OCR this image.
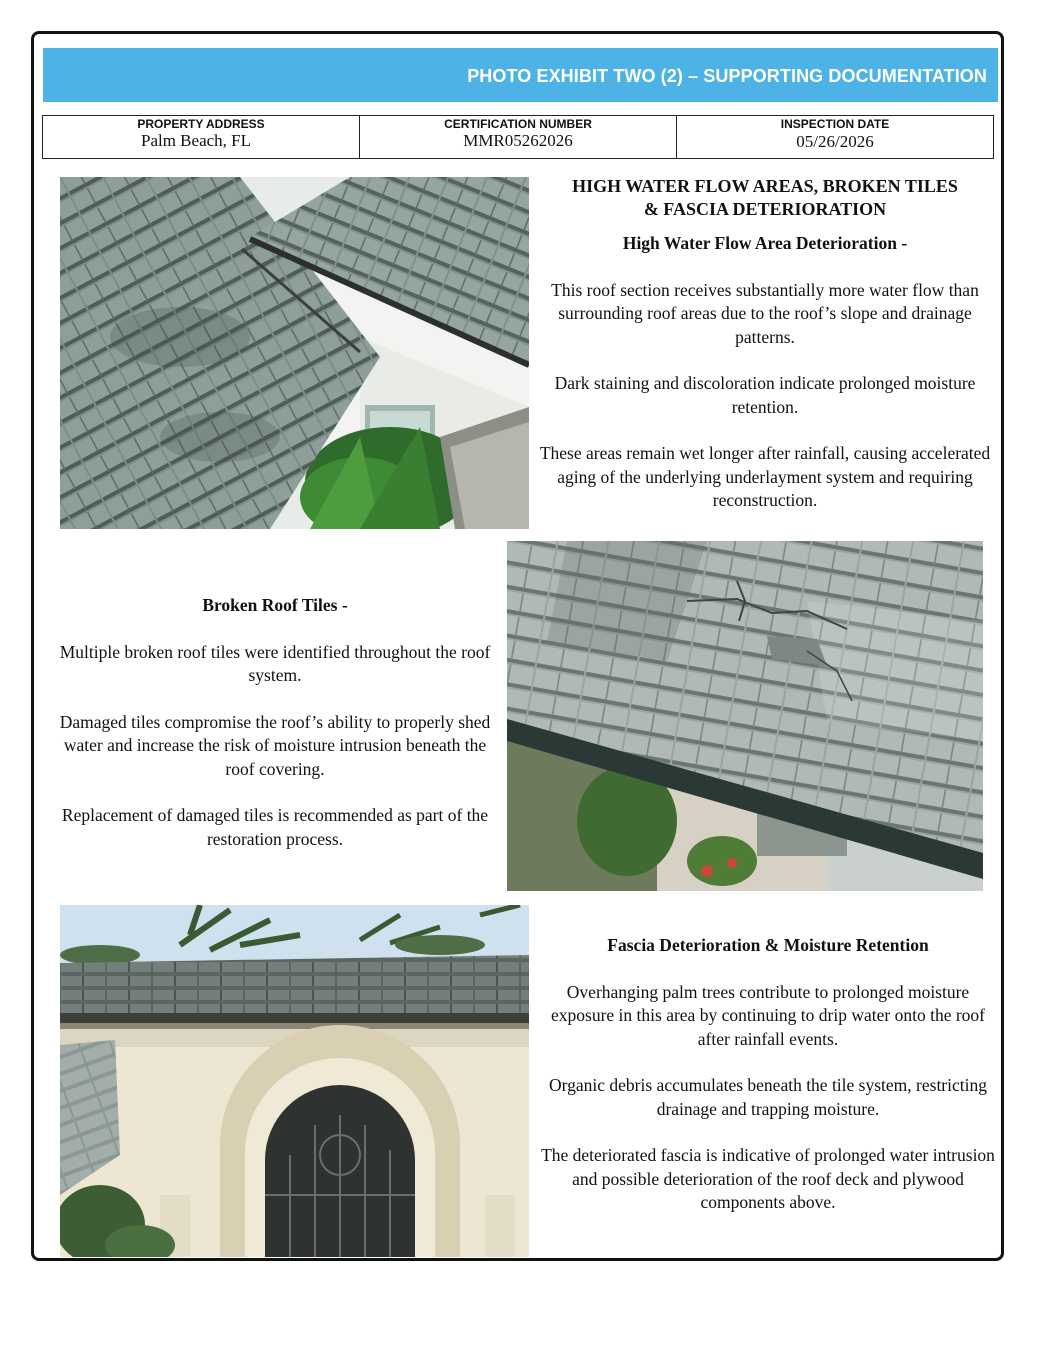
PHOTO EXHIBIT TWO (2) – SUPPORTING DOCUMENTATION
PROPERTY ADDRESS
Palm Beach, FL
CERTIFICATION NUMBER
MMR05262026
INSPECTION DATE
05/26/2026
HIGH WATER FLOW AREAS, BROKEN TILES
& FASCIA DETERIORATION

High Water Flow Area Deterioration -

This roof section receives substantially more water flow than surrounding roof areas due to the roof’s slope and drainage patterns.

Dark staining and discoloration indicate prolonged moisture retention.

These areas remain wet longer after rainfall, causing accelerated aging of the underlying underlayment system and requiring reconstruction.

Broken Roof Tiles -

Multiple broken roof tiles were identified throughout the roof system.

Damaged tiles compromise the roof’s ability to properly shed water and increase the risk of moisture intrusion beneath the roof covering.

Replacement of damaged tiles is recommended as part of the restoration process.

Fascia Deterioration & Moisture Retention

Overhanging palm trees contribute to prolonged moisture exposure in this area by continuing to drip water onto the roof after rainfall events.

Organic debris accumulates beneath the tile system, restricting drainage and trapping moisture.

The deteriorated fascia is indicative of prolonged water intrusion and possible deterioration of the roof deck and plywood components above.
